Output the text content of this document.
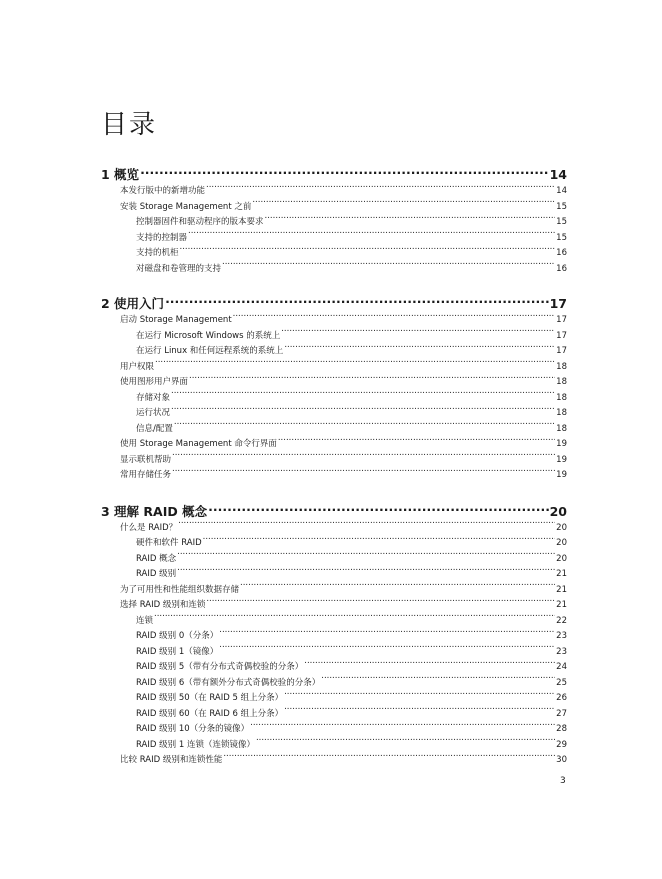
目录
1 概览 .....	14
本发行版中的新增功能 .....	14
安装 Storage Management 之前 .....	15
控制器固件和驱动程序的版本要求 .....	15
支持的控制器 .....	15
支持的机柜 .....	16
对磁盘和卷管理的支持 .....	16
2 使用入门 .....	17
启动 Storage Management .....	17
在运行 Microsoft Windows 的系统上 .....	17
在运行 Linux 和任何远程系统的系统上 .....	17
用户权限 .....	18
使用图形用户界面 .....	18
存储对象 .....	18
运行状况 .....	18
信息/配置 .....	18
使用 Storage Management 命令行界面 .....	19
显示联机帮助 .....	19
常用存储任务 .....	19
3 理解 RAID 概念 .....	20
什么是 RAID？ .....	20
硬件和软件 RAID .....	20
RAID 概念 .....	20
RAID 级别 .....	21
为了可用性和性能组织数据存储 .....	21
选择 RAID 级别和连锁 .....	21
连锁 .....	22
RAID 级别 0（分条） .....	23
RAID 级别 1（镜像） .....	23
RAID 级别 5（带有分布式奇偶校验的分条） .....	24
RAID 级别 6（带有额外分布式奇偶校验的分条） .....	25
RAID 级别 50（在 RAID 5 组上分条） .....	26
RAID 级别 60（在 RAID 6 组上分条） .....	27
RAID 级别 10（分条的镜像） .....	28
RAID 级别 1 连锁（连锁镜像） .....	29
比较 RAID 级别和连锁性能 .....	30
3
